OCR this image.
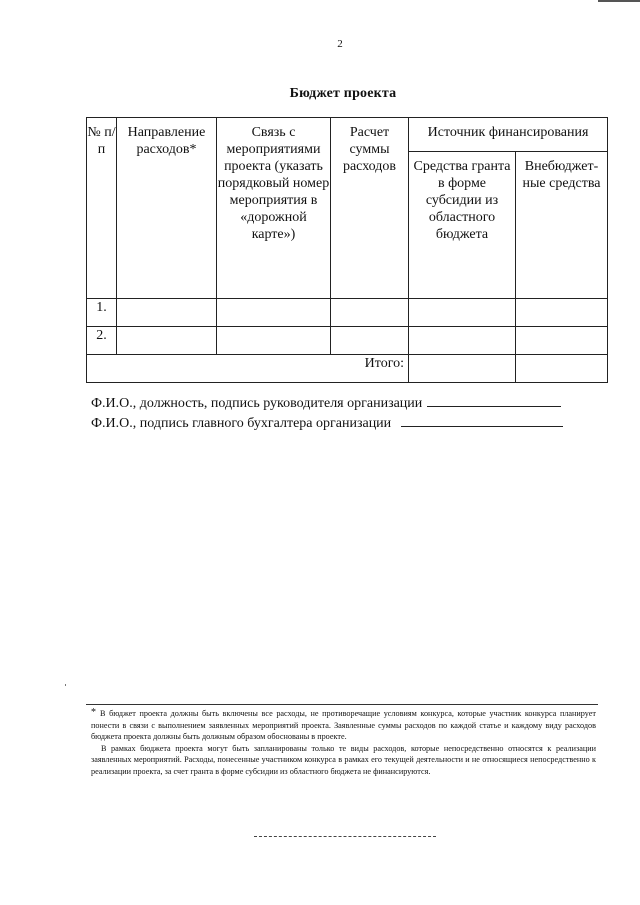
2
Бюджет проекта
№ п/п	Направление расходов*	Связь с мероприятиями проекта (указать порядковый номер мероприятия в «дорожной карте»)	Расчет суммы расходов	Источник финансирования	
				Средства гранта в форме субсидии из областного бюджета	Внебюджет-ные средства
1.					
2.					
Итого:					
Ф.И.О., должность, подпись руководителя организации
Ф.И.О., подпись главного бухгалтера организации

* В бюджет проекта должны быть включены все расходы, не противоречащие условиям конкурса, которые участник конкурса планирует понести в связи с выполнением заявленных мероприятий проекта. Заявленные суммы расходов по каждой статье и каждому виду расходов бюджета проекта должны быть должным образом обоснованы в проекте.

В рамках бюджета проекта могут быть запланированы только те виды расходов, которые непосредственно относятся к реализации заявленных мероприятий. Расходы, понесенные участником конкурса в рамках его текущей деятельности и не относящиеся непосредственно к реализации проекта, за счет гранта в форме субсидии из областного бюджета не финансируются.
